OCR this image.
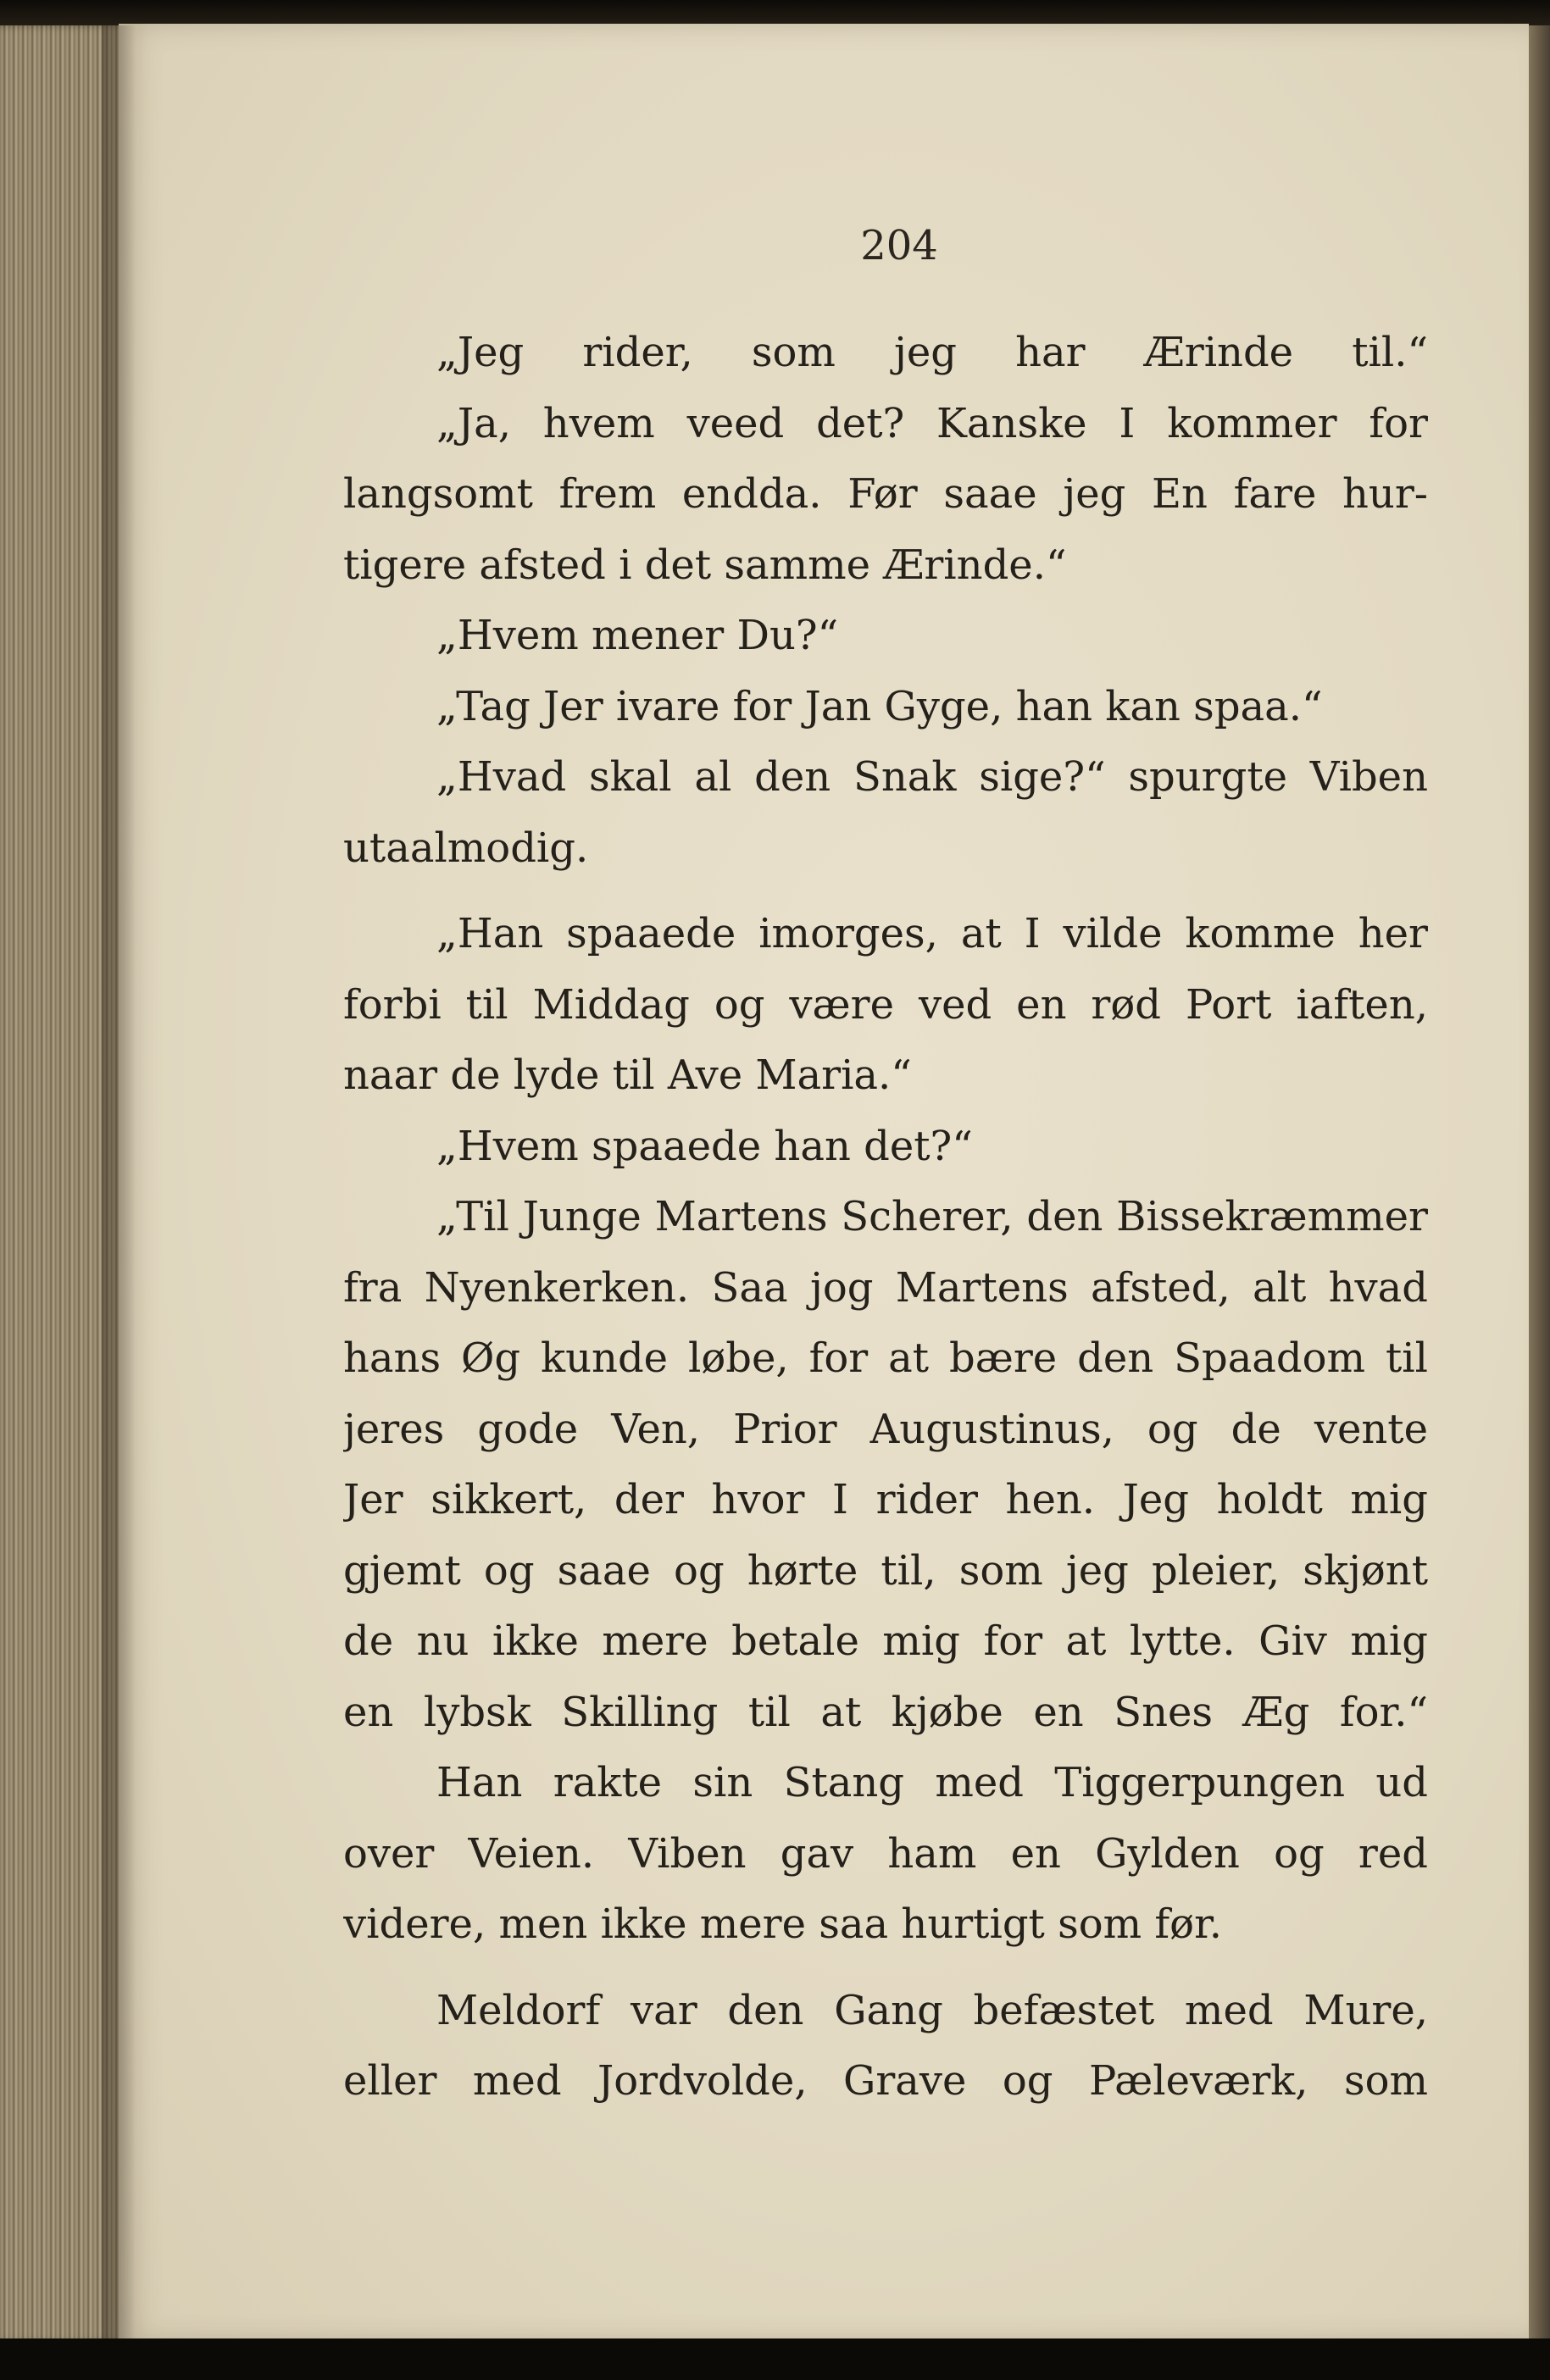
204
„Jeg rider, som jeg har Ærinde til.“
„Ja, hvem veed det? Kanske I kommer for
langsomt frem endda. Før saae jeg En fare hur-
tigere afsted i det samme Ærinde.“
„Hvem mener Du?“
„Tag Jer ivare for Jan Gyge, han kan spaa.“
„Hvad skal al den Snak sige?“ spurgte Viben
utaalmodig.
„Han spaaede imorges, at I vilde komme her
forbi til Middag og være ved en rød Port iaften,
naar de lyde til Ave Maria.“
„Hvem spaaede han det?“
„Til Junge Martens Scherer, den Bissekræmmer
fra Nyenkerken. Saa jog Martens afsted, alt hvad
hans Øg kunde løbe, for at bære den Spaadom til
jeres gode Ven, Prior Augustinus, og de vente
Jer sikkert, der hvor I rider hen. Jeg holdt mig
gjemt og saae og hørte til, som jeg pleier, skjønt
de nu ikke mere betale mig for at lytte. Giv mig
en lybsk Skilling til at kjøbe en Snes Æg for.“
Han rakte sin Stang med Tiggerpungen ud
over Veien. Viben gav ham en Gylden og red
videre, men ikke mere saa hurtigt som før.
Meldorf var den Gang befæstet med Mure,
eller med Jordvolde, Grave og Pæleværk, som
